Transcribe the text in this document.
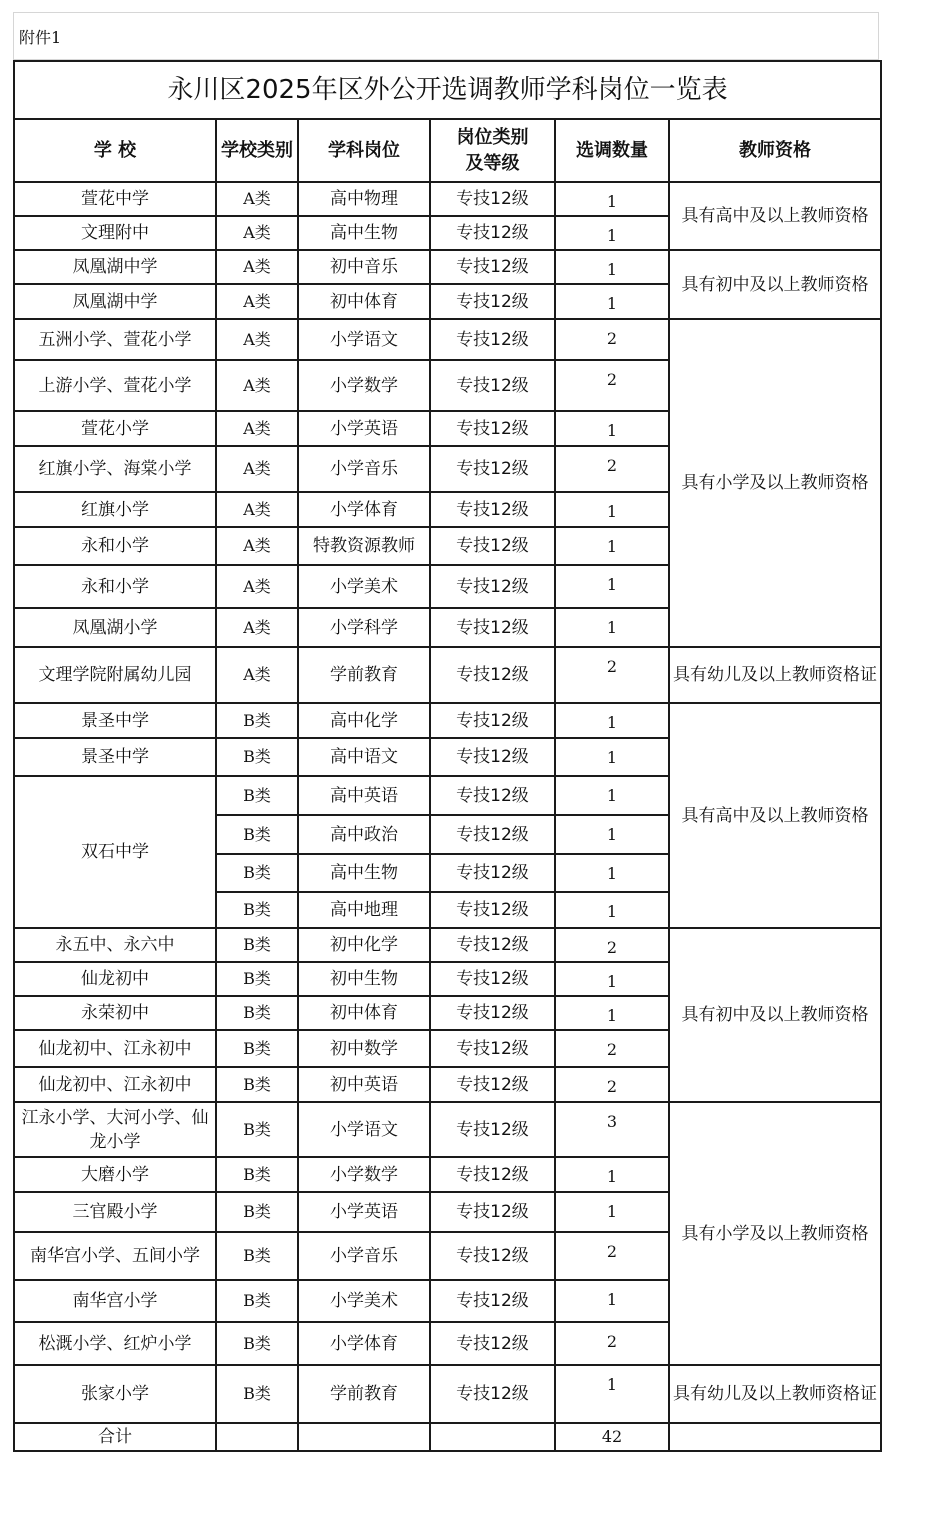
附件1
永川区2025年区外公开选调教师学科岗位一览表					
学 校	学校类别	学科岗位	岗位类别
及等级	选调数量	教师资格
萱花中学	A类	高中物理	专技12级	1	具有高中及以上教师资格
文理附中	A类	高中生物	专技12级	1	
凤凰湖中学	A类	初中音乐	专技12级	1	具有初中及以上教师资格
凤凰湖中学	A类	初中体育	专技12级	1	
五洲小学、萱花小学	A类	小学语文	专技12级	2	具有小学及以上教师资格
上游小学、萱花小学	A类	小学数学	专技12级	2	
萱花小学	A类	小学英语	专技12级	1	
红旗小学、海棠小学	A类	小学音乐	专技12级	2	
红旗小学	A类	小学体育	专技12级	1	
永和小学	A类	特教资源教师	专技12级	1	
永和小学	A类	小学美术	专技12级	1	
凤凰湖小学	A类	小学科学	专技12级	1	
文理学院附属幼儿园	A类	学前教育	专技12级	2	具有幼儿及以上教师资格证
景圣中学	B类	高中化学	专技12级	1	具有高中及以上教师资格
景圣中学	B类	高中语文	专技12级	1	
双石中学	B类	高中英语	专技12级	1	
	B类	高中政治	专技12级	1	
	B类	高中生物	专技12级	1	
	B类	高中地理	专技12级	1	
永五中、永六中	B类	初中化学	专技12级	2	具有初中及以上教师资格
仙龙初中	B类	初中生物	专技12级	1	
永荣初中	B类	初中体育	专技12级	1	
仙龙初中、江永初中	B类	初中数学	专技12级	2	
仙龙初中、江永初中	B类	初中英语	专技12级	2	
江永小学、大河小学、仙龙小学	B类	小学语文	专技12级	3	具有小学及以上教师资格
大磨小学	B类	小学数学	专技12级	1	
三官殿小学	B类	小学英语	专技12级	1	
南华宫小学、五间小学	B类	小学音乐	专技12级	2	
南华宫小学	B类	小学美术	专技12级	1	
松溉小学、红炉小学	B类	小学体育	专技12级	2	
张家小学	B类	学前教育	专技12级	1	具有幼儿及以上教师资格证
合计				42	
